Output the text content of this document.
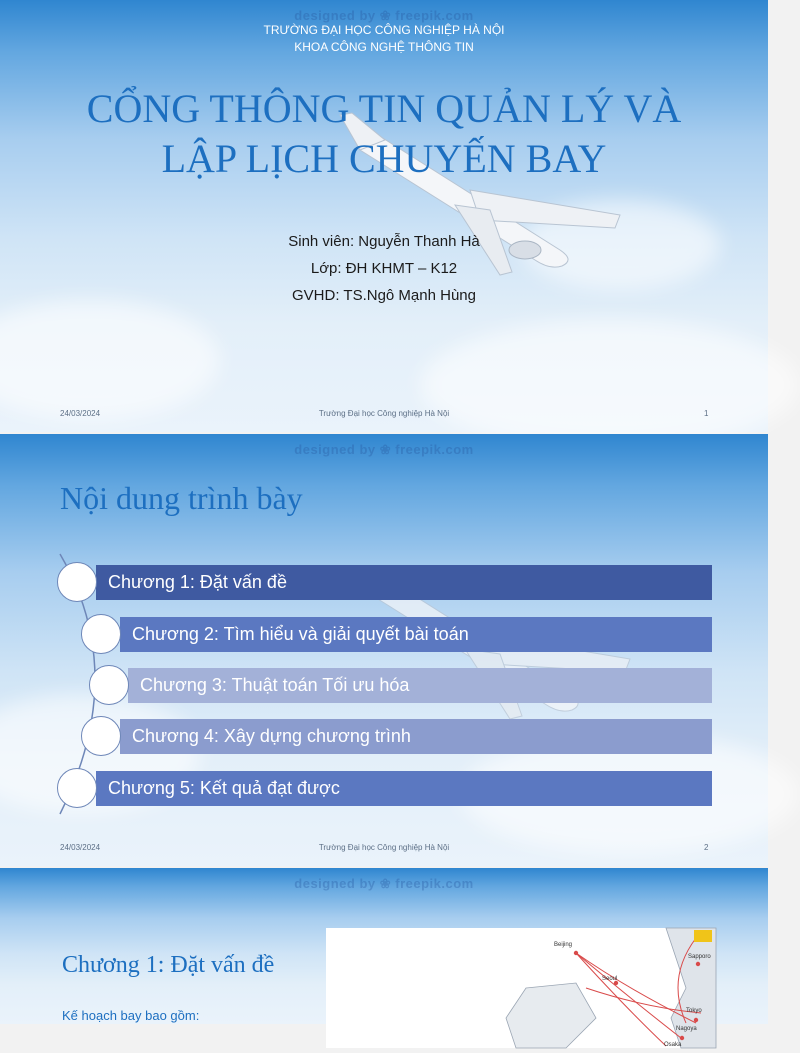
designed by ❀ freepik.com
TRƯỜNG ĐẠI HỌC CÔNG NGHIỆP HÀ NỘI
KHOA CÔNG NGHỆ THÔNG TIN
CỔNG THÔNG TIN QUẢN LÝ VÀ
LẬP LỊCH CHUYẾN BAY
Sinh viên: Nguyễn Thanh Hà
Lớp: ĐH KHMT – K12
GVHD: TS.Ngô Mạnh Hùng
24/03/2024	Trường Đại học Công nghiệp Hà Nội	1
designed by ❀ freepik.com
Nội dung trình bày
Chương 1: Đặt vấn đề
Chương 2: Tìm hiểu và giải quyết bài toán
Chương 3: Thuật toán Tối ưu hóa
Chương 4: Xây dựng chương trình
Chương 5: Kết quả đạt được
24/03/2024	Trường Đại học Công nghiệp Hà Nội	2
designed by ❀ freepik.com
Chương 1: Đặt vấn đề
Kế hoạch bay bao gồm:
Beijing
Seoul
Tokyo
Osaka
Nagoya
Sapporo
